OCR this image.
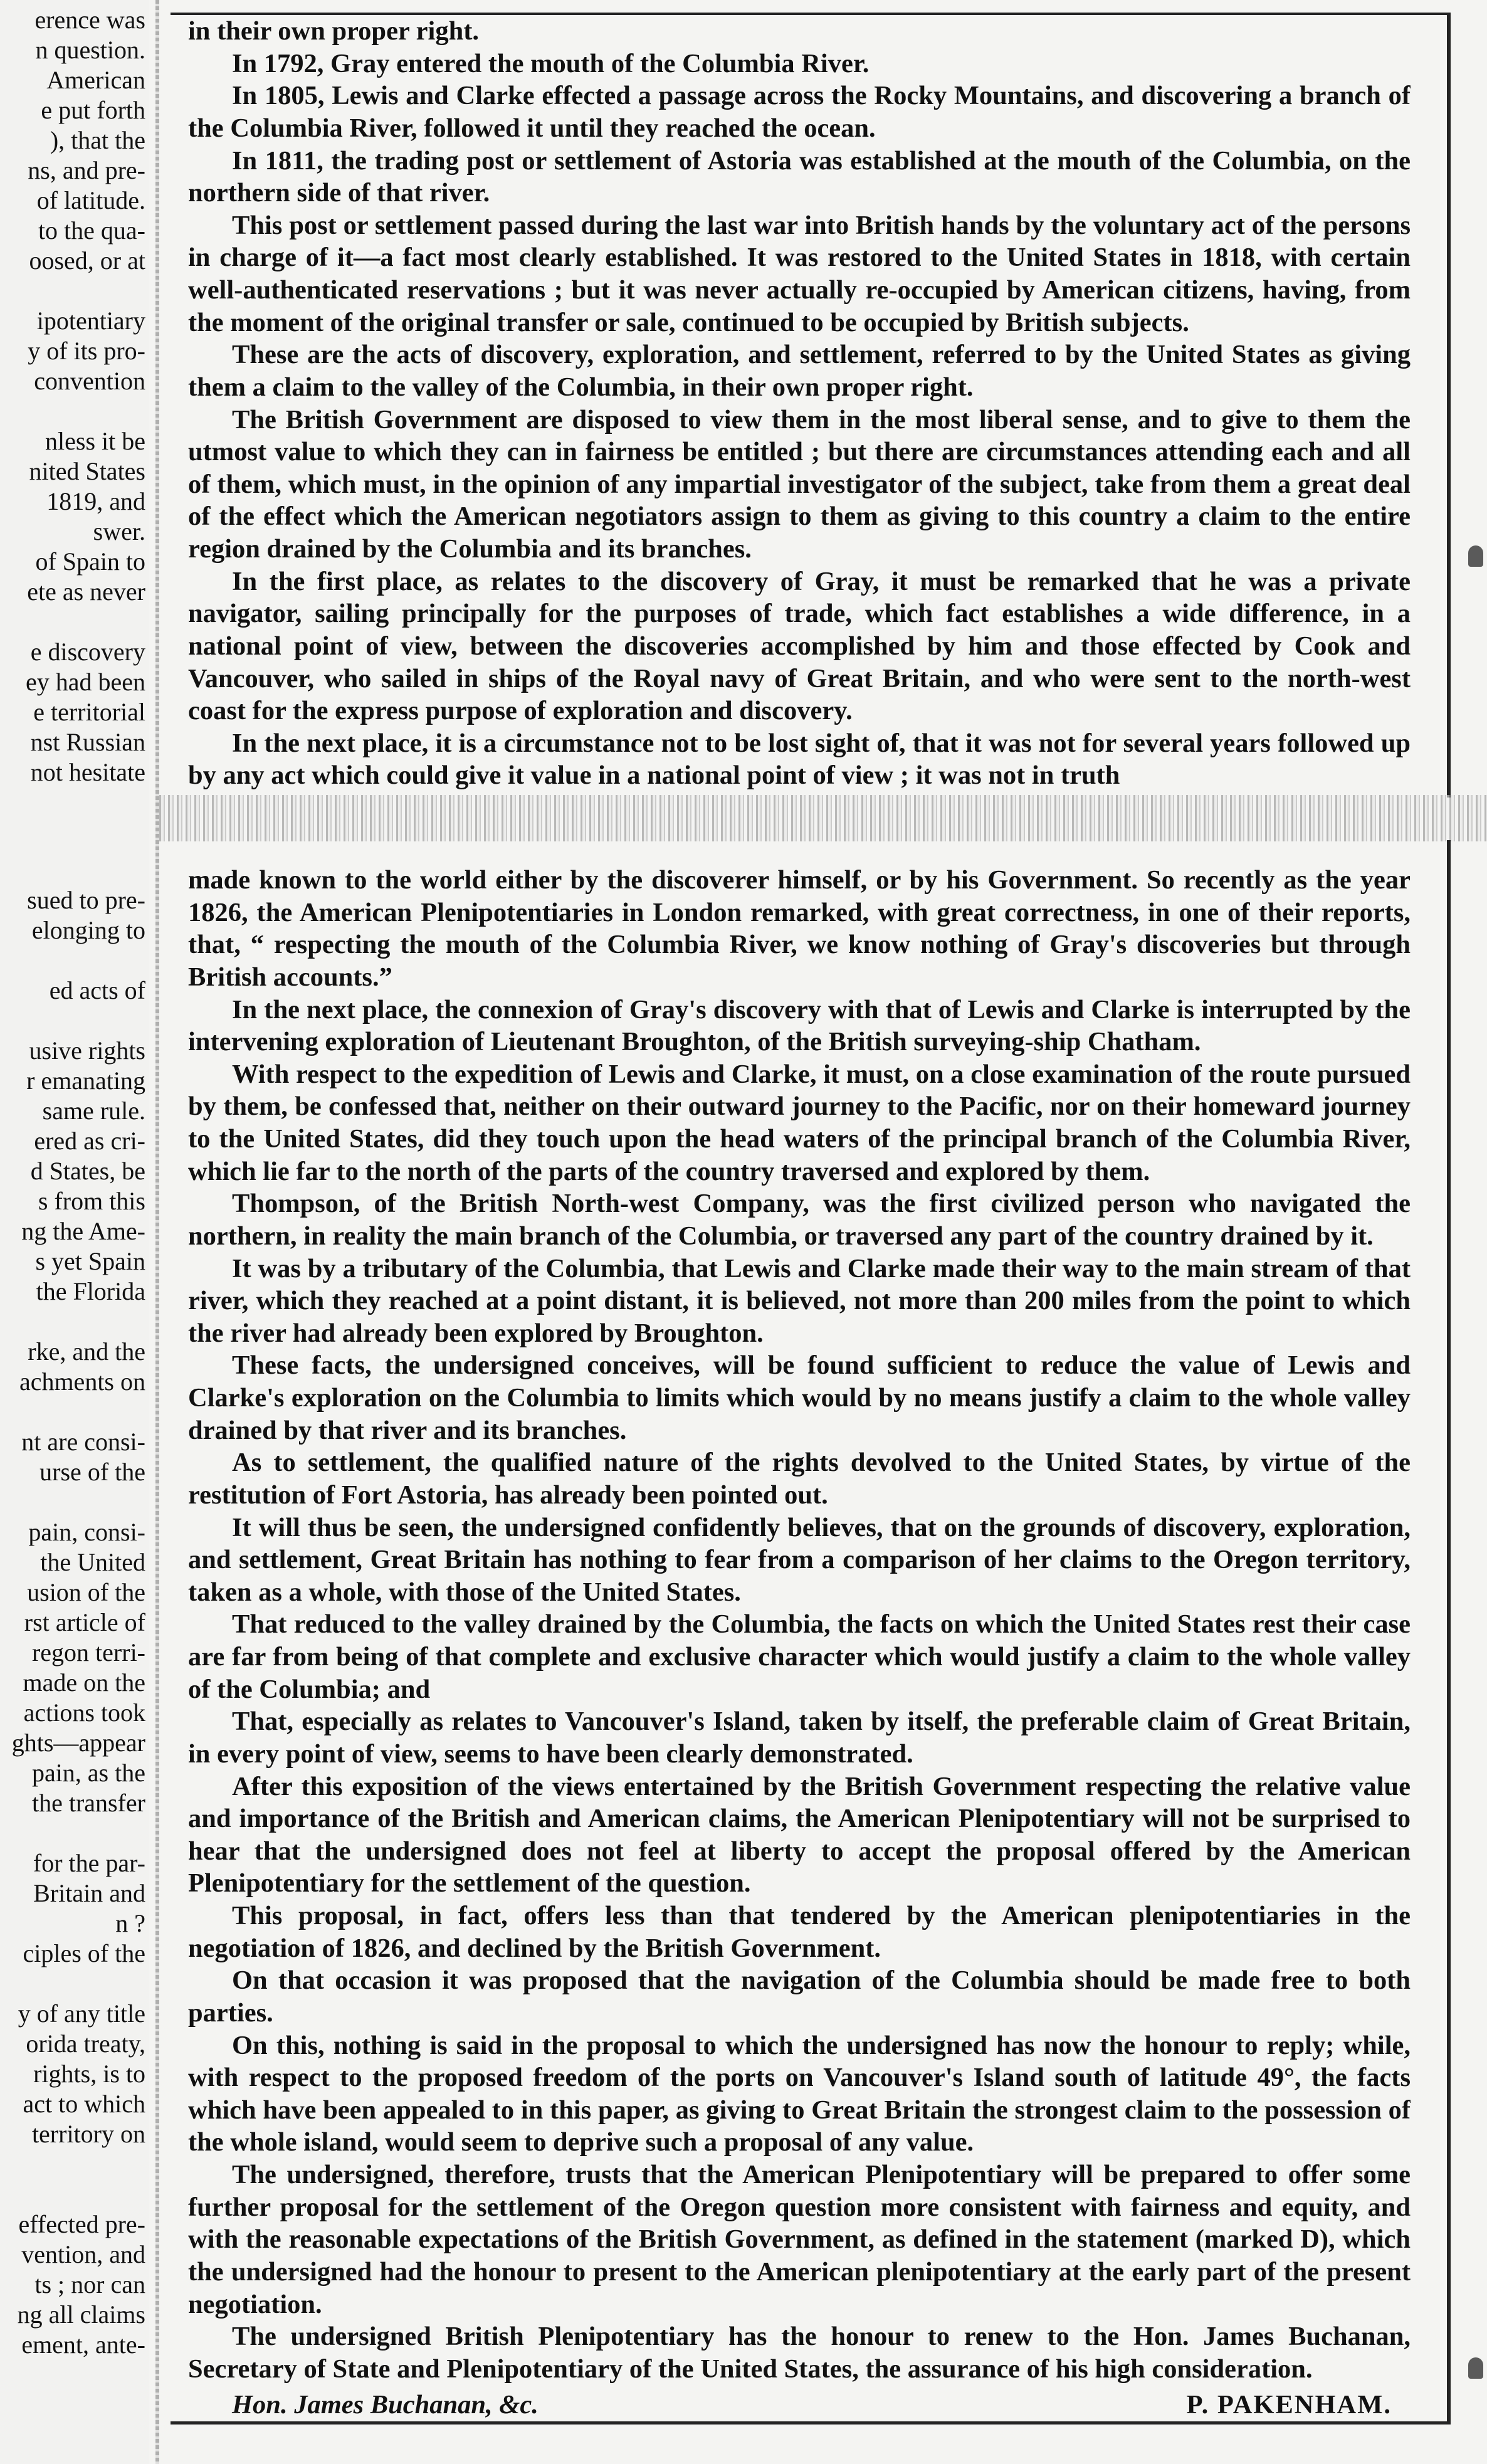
erence was
n question.
American
e put forth
), that the
ns, and pre-
of latitude.
to the qua-
oosed, or at

ipotentiary
y of its pro-
convention

nless it be
nited States
1819, and
swer.
of Spain to
ete as never

e discovery
ey had been
e territorial
nst Russian
not hesitate
sued to pre-
elonging to

ed acts of

usive rights
r emanating
same rule.
ered as cri-
d States, be
s from this
ng the Ame-
s yet Spain
the Florida

rke, and the
achments on

nt are consi-
urse of the

pain, consi-
the United
usion of the
rst article of
regon terri-
made on the
actions took
ghts—appear
pain, as the
the transfer

for the par-
Britain and
n ?
ciples of the

y of any title
orida treaty,
rights, is to
act to which
territory on

effected pre-
vention, and
ts ; nor can
ng all claims
ement, ante-

in their own proper right.

In 1792, Gray entered the mouth of the Columbia River.

In 1805, Lewis and Clarke effected a passage across the Rocky Mountains, and discovering a branch of the Columbia River, followed it until they reached the ocean.

In 1811, the trading post or settlement of Astoria was established at the mouth of the Columbia, on the northern side of that river.

This post or settlement passed during the last war into British hands by the voluntary act of the persons in charge of it—a fact most clearly established. It was restored to the United States in 1818, with certain well-authenticated reservations ; but it was never actually re-occupied by American citizens, having, from the moment of the original transfer or sale, continued to be occupied by British subjects.

These are the acts of discovery, exploration, and settlement, referred to by the United States as giving them a claim to the valley of the Columbia, in their own proper right.

The British Government are disposed to view them in the most liberal sense, and to give to them the utmost value to which they can in fairness be entitled ; but there are circumstances attending each and all of them, which must, in the opinion of any impartial investigator of the subject, take from them a great deal of the effect which the American negotiators assign to them as giving to this country a claim to the entire region drained by the Columbia and its branches.

In the first place, as relates to the discovery of Gray, it must be remarked that he was a private navigator, sailing principally for the purposes of trade, which fact establishes a wide difference, in a national point of view, between the discoveries accomplished by him and those effected by Cook and Vancouver, who sailed in ships of the Royal navy of Great Britain, and who were sent to the north-west coast for the express purpose of exploration and discovery.

In the next place, it is a circumstance not to be lost sight of, that it was not for several years followed up by any act which could give it value in a national point of view ; it was not in truth

made known to the world either by the discoverer himself, or by his Government. So recently as the year 1826, the American Plenipotentiaries in London remarked, with great correctness, in one of their reports, that, “ respecting the mouth of the Columbia River, we know nothing of Gray's discoveries but through British accounts.”

In the next place, the connexion of Gray's discovery with that of Lewis and Clarke is interrupted by the intervening exploration of Lieutenant Broughton, of the British surveying-ship Chatham.

With respect to the expedition of Lewis and Clarke, it must, on a close examination of the route pursued by them, be confessed that, neither on their outward journey to the Pacific, nor on their homeward journey to the United States, did they touch upon the head waters of the principal branch of the Columbia River, which lie far to the north of the parts of the country traversed and explored by them.

Thompson, of the British North-west Company, was the first civilized person who navigated the northern, in reality the main branch of the Columbia, or traversed any part of the country drained by it.

It was by a tributary of the Columbia, that Lewis and Clarke made their way to the main stream of that river, which they reached at a point distant, it is believed, not more than 200 miles from the point to which the river had already been explored by Broughton.

These facts, the undersigned conceives, will be found sufficient to reduce the value of Lewis and Clarke's exploration on the Columbia to limits which would by no means justify a claim to the whole valley drained by that river and its branches.

As to settlement, the qualified nature of the rights devolved to the United States, by virtue of the restitution of Fort Astoria, has already been pointed out.

It will thus be seen, the undersigned confidently believes, that on the grounds of discovery, exploration, and settlement, Great Britain has nothing to fear from a comparison of her claims to the Oregon territory, taken as a whole, with those of the United States.

That reduced to the valley drained by the Columbia, the facts on which the United States rest their case are far from being of that complete and exclusive character which would justify a claim to the whole valley of the Columbia; and

That, especially as relates to Vancouver's Island, taken by itself, the preferable claim of Great Britain, in every point of view, seems to have been clearly demonstrated.

After this exposition of the views entertained by the British Government respecting the relative value and importance of the British and American claims, the American Plenipotentiary will not be surprised to hear that the undersigned does not feel at liberty to accept the proposal offered by the American Plenipotentiary for the settlement of the question.

This proposal, in fact, offers less than that tendered by the American plenipotentiaries in the negotiation of 1826, and declined by the British Government.

On that occasion it was proposed that the navigation of the Columbia should be made free to both parties.

On this, nothing is said in the proposal to which the undersigned has now the honour to reply; while, with respect to the proposed freedom of the ports on Vancouver's Island south of latitude 49°, the facts which have been appealed to in this paper, as giving to Great Britain the strongest claim to the possession of the whole island, would seem to deprive such a proposal of any value.

The undersigned, therefore, trusts that the American Plenipotentiary will be prepared to offer some further proposal for the settlement of the Oregon question more consistent with fairness and equity, and with the reasonable expectations of the British Government, as defined in the statement (marked D), which the undersigned had the honour to present to the American plenipotentiary at the early part of the present negotiation.

The undersigned British Plenipotentiary has the honour to renew to the Hon. James Buchanan, Secretary of State and Plenipotentiary of the United States, the assurance of his high consideration.

Hon. James Buchanan, &c.	P. PAKENHAM.
